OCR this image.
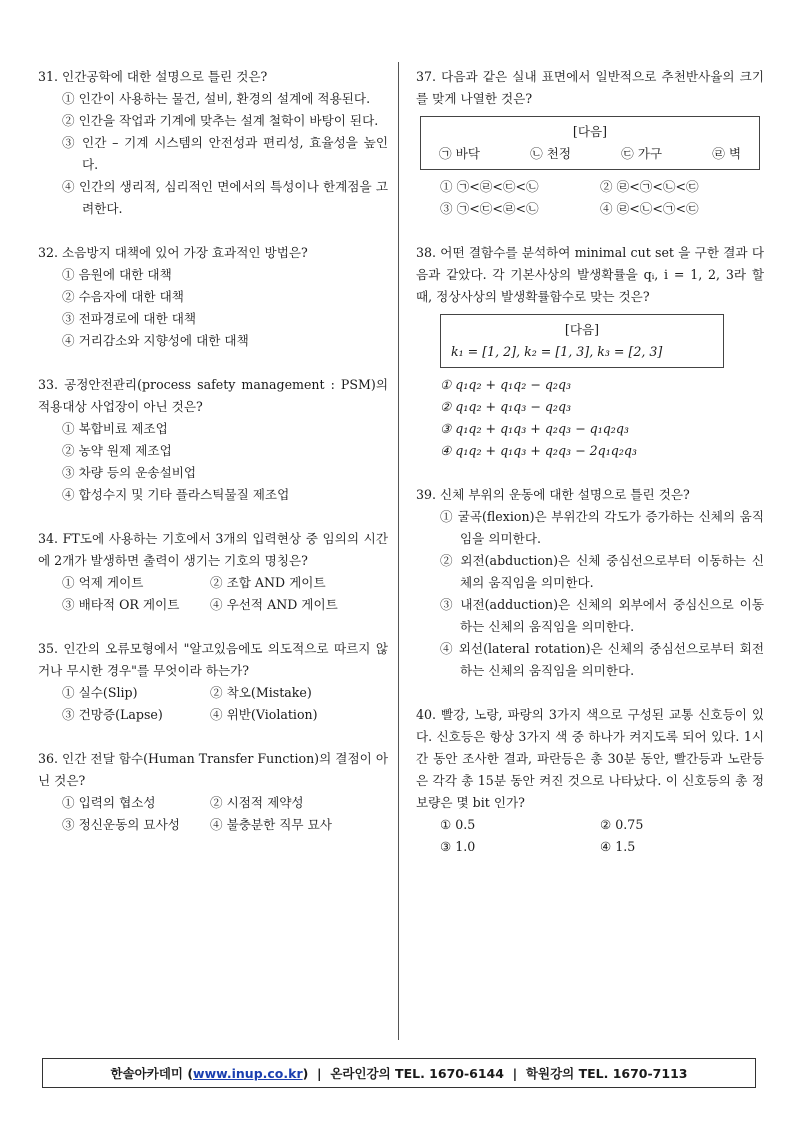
31. 인간공학에 대한 설명으로 틀린 것은?
① 인간이 사용하는 물건, 설비, 환경의 설계에 적용된다.
② 인간을 작업과 기계에 맞추는 설계 철학이 바탕이 된다.
③ 인간 – 기계 시스템의 안전성과 편리성, 효율성을 높인다.
④ 인간의 생리적, 심리적인 면에서의 특성이나 한계점을 고려한다.
32. 소음방지 대책에 있어 가장 효과적인 방법은?
① 음원에 대한 대책
② 수음자에 대한 대책
③ 전파경로에 대한 대책
④ 거리감소와 지향성에 대한 대책
33. 공정안전관리(process safety management : PSM)의 적용대상 사업장이 아닌 것은?
① 복합비료 제조업
② 농약 원제 제조업
③ 차량 등의 운송설비업
④ 합성수지 및 기타 플라스틱물질 제조업
34. FT도에 사용하는 기호에서 3개의 입력현상 중 임의의 시간에 2개가 발생하면 출력이 생기는 기호의 명칭은?
① 억제 게이트	② 조합 AND 게이트
③ 배타적 OR 게이트	④ 우선적 AND 게이트
35. 인간의 오류모형에서 "알고있음에도 의도적으로 따르지 않거나 무시한 경우"를 무엇이라 하는가?
① 실수(Slip)	② 착오(Mistake)
③ 건망증(Lapse)	④ 위반(Violation)
36. 인간 전달 함수(Human Transfer Function)의 결점이 아닌 것은?
① 입력의 협소성	② 시점적 제약성
③ 정신운동의 묘사성	④ 불충분한 직무 묘사
37. 다음과 같은 실내 표면에서 일반적으로 추천반사율의 크기를 맞게 나열한 것은?
[다음]
㉠ 바닥	㉡ 천정	㉢ 가구	㉣ 벽
① ㉠<㉣<㉢<㉡	② ㉣<㉠<㉡<㉢
③ ㉠<㉢<㉣<㉡	④ ㉣<㉡<㉠<㉢
38. 어떤 결함수를 분석하여 minimal cut set 을 구한 결과 다음과 같았다. 각 기본사상의 발생확률을 qᵢ, i = 1, 2, 3라 할 때, 정상사상의 발생확률함수로 맞는 것은?
[다음]
k₁ = [1, 2], k₂ = [1, 3], k₃ = [2, 3]
① q₁q₂ + q₁q₂ − q₂q₃
② q₁q₂ + q₁q₃ − q₂q₃
③ q₁q₂ + q₁q₃ + q₂q₃ − q₁q₂q₃
④ q₁q₂ + q₁q₃ + q₂q₃ − 2q₁q₂q₃
39. 신체 부위의 운동에 대한 설명으로 틀린 것은?
① 굴곡(flexion)은 부위간의 각도가 증가하는 신체의 움직임을 의미한다.
② 외전(abduction)은 신체 중심선으로부터 이동하는 신체의 움직임을 의미한다.
③ 내전(adduction)은 신체의 외부에서 중심신으로 이동하는 신체의 움직임을 의미한다.
④ 외선(lateral rotation)은 신체의 중심선으로부터 회전하는 신체의 움직임을 의미한다.
40. 빨강, 노랑, 파랑의 3가지 색으로 구성된 교통 신호등이 있다. 신호등은 항상 3가지 색 중 하나가 켜지도록 되어 있다. 1시간 동안 조사한 결과, 파란등은 총 30분 동안, 빨간등과 노란등은 각각 총 15분 동안 켜진 것으로 나타났다. 이 신호등의 총 정보량은 몇 bit 인가?
① 0.5	② 0.75
③ 1.0	④ 1.5
한솔아카데미 ( www.inup.co.kr )  |  온라인강의 TEL. 1670-6144  |  학원강의 TEL. 1670-7113
